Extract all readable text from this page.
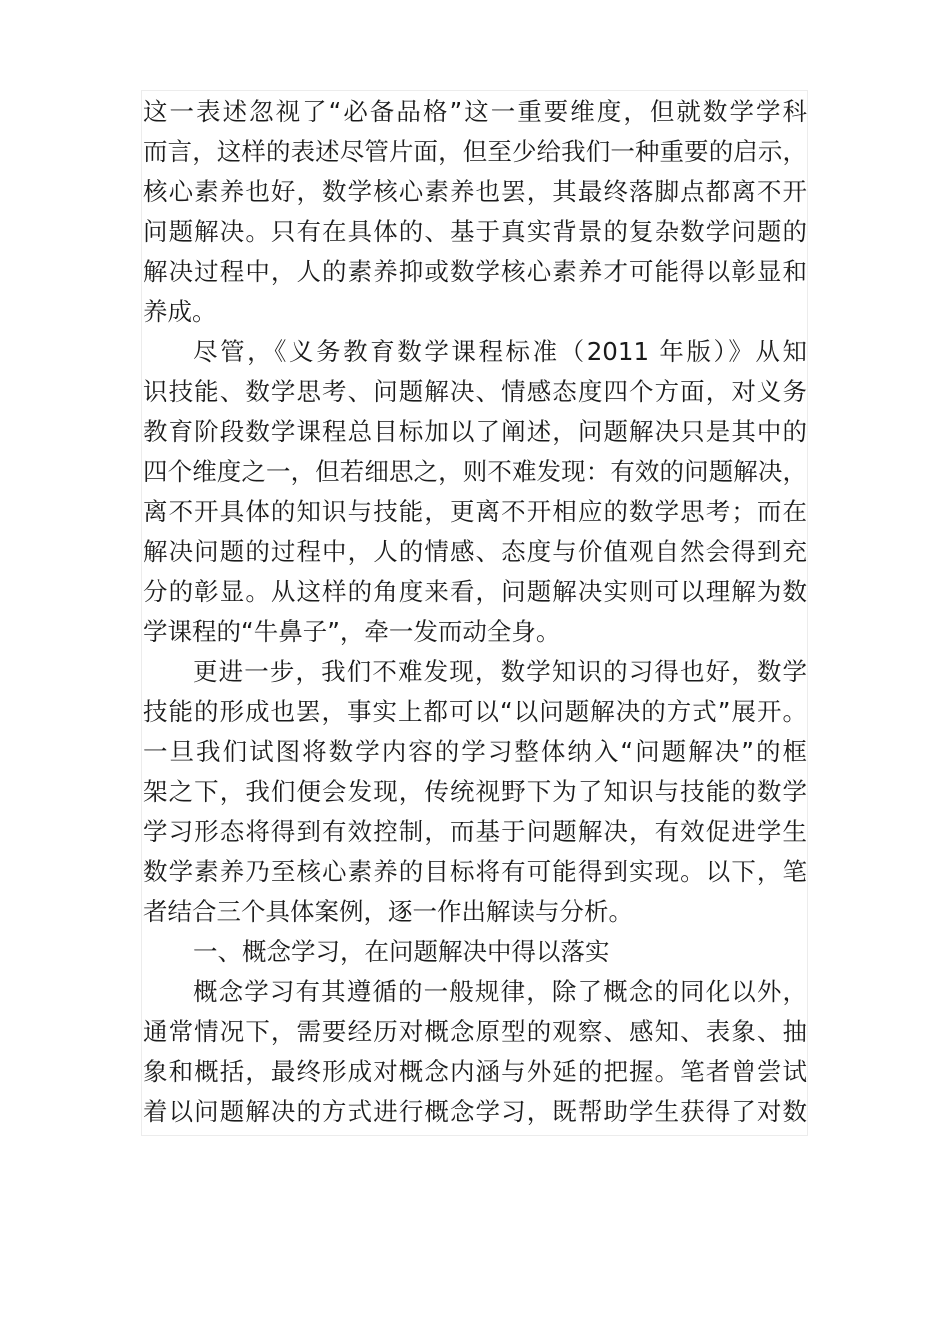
这一表述忽视了“必备品格”这一重要维度，但就数学学科
而言，这样的表述尽管片面，但至少给我们一种重要的启示，
核心素养也好，数学核心素养也罢，其最终落脚点都离不开
问题解决。只有在具体的、基于真实背景的复杂数学问题的
解决过程中，人的素养抑或数学核心素养才可能得以彰显和
养成。
尽管，《义务教育数学课程标准（2011 年版）》从知
识技能、数学思考、问题解决、情感态度四个方面，对义务
教育阶段数学课程总目标加以了阐述，问题解决只是其中的
四个维度之一，但若细思之，则不难发现：有效的问题解决，
离不开具体的知识与技能，更离不开相应的数学思考；而在
解决问题的过程中，人的情感、态度与价值观自然会得到充
分的彰显。从这样的角度来看，问题解决实则可以理解为数
学课程的“牛鼻子”，牵一发而动全身。
更进一步，我们不难发现，数学知识的习得也好，数学
技能的形成也罢，事实上都可以“以问题解决的方式”展开。
一旦我们试图将数学内容的学习整体纳入“问题解决”的框
架之下，我们便会发现，传统视野下为了知识与技能的数学
学习形态将得到有效控制，而基于问题解决，有效促进学生
数学素养乃至核心素养的目标将有可能得到实现。以下，笔
者结合三个具体案例，逐一作出解读与分析。
一、概念学习，在问题解决中得以落实
概念学习有其遵循的一般规律，除了概念的同化以外，
通常情况下，需要经历对概念原型的观察、感知、表象、抽
象和概括，最终形成对概念内涵与外延的把握。笔者曾尝试
着以问题解决的方式进行概念学习，既帮助学生获得了对数
